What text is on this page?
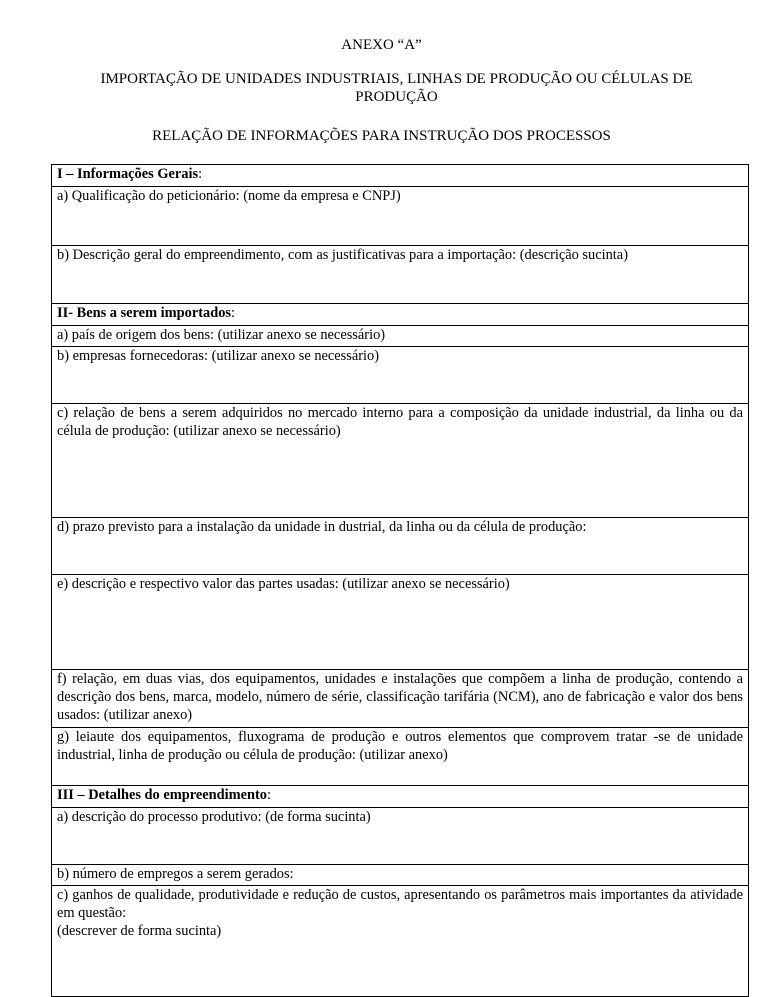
ANEXO “A”
IMPORTAÇÃO DE UNIDADES INDUSTRIAIS, LINHAS DE PRODUÇÃO OU CÉLULAS DE PRODUÇÃO
RELAÇÃO DE INFORMAÇÕES PARA INSTRUÇÃO DOS PROCESSOS
I – Informações Gerais:
a) Qualificação do peticionário: (nome da empresa e CNPJ)
b) Descrição geral do empreendimento, com as justificativas para a importação: (descrição sucinta)
II- Bens a serem importados:
a) país de origem dos bens: (utilizar anexo se necessário)
b) empresas fornecedoras: (utilizar anexo se necessário)
c) relação de bens a serem adquiridos no mercado interno para a composição da unidade industrial, da linha ou da célula de produção: (utilizar anexo se necessário)
d) prazo previsto para a instalação da unidade in dustrial, da linha ou da célula de produção:
e) descrição e respectivo valor das partes usadas: (utilizar anexo se necessário)
f) relação, em duas vias, dos equipamentos, unidades e instalações que compõem a linha de produção, contendo a descrição dos bens, marca, modelo, número de série, classificação tarifária (NCM), ano de fabricação e valor dos bens usados: (utilizar anexo)
g) leiaute dos equipamentos, fluxograma de produção e outros elementos que comprovem tratar -se de unidade industrial, linha de produção ou célula de produção: (utilizar anexo)
III – Detalhes do empreendimento:
a) descrição do processo produtivo: (de forma sucinta)
b) número de empregos a serem gerados:

c) ganhos de qualidade, produtividade e redução de custos, apresentando os parâmetros mais importantes da atividade em questão:

(descrever de forma sucinta)
